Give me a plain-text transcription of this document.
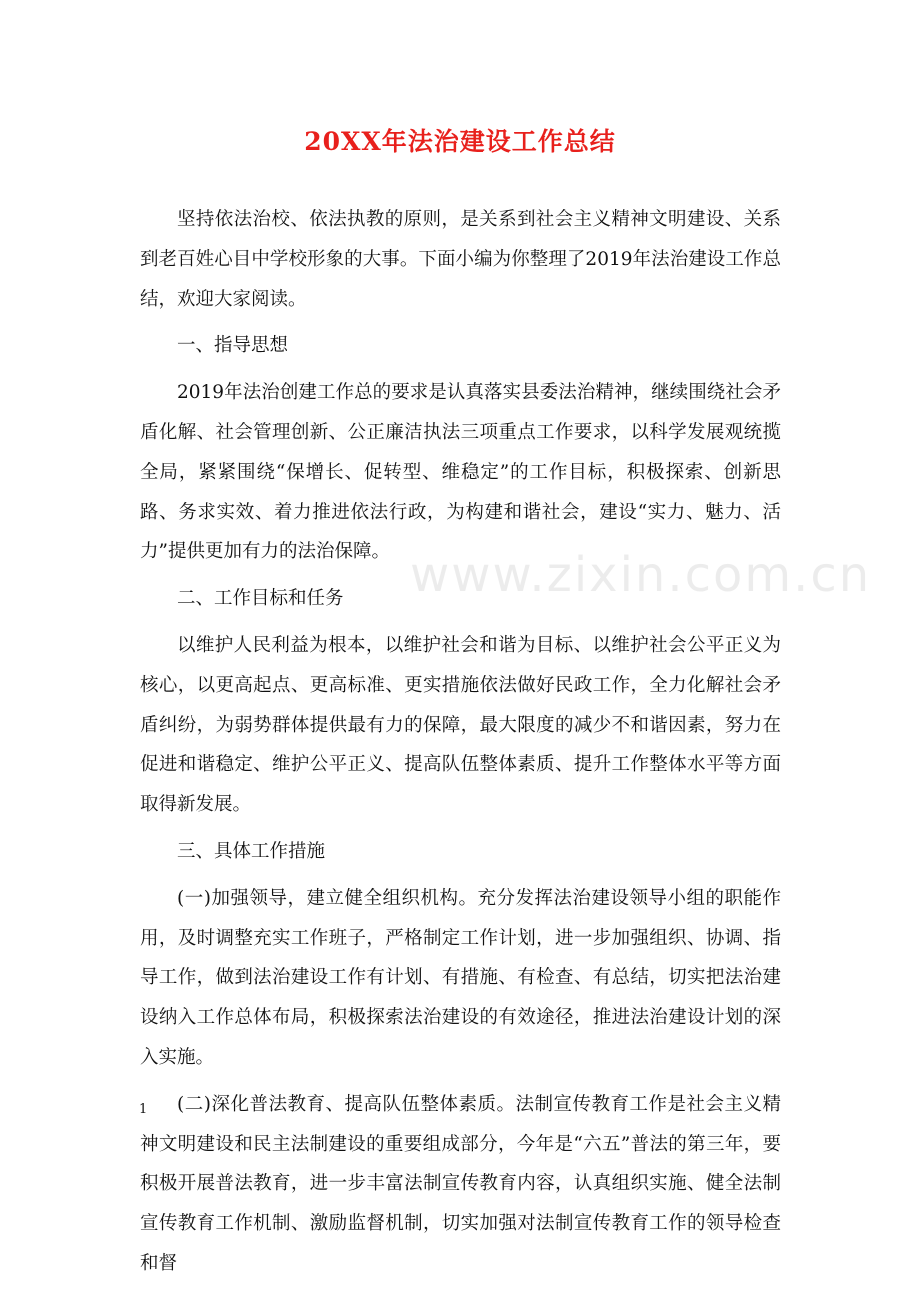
20XX年法治建设工作总结
www.zixin.com.cn

坚持依法治校、依法执教的原则，是关系到社会主义精神文明建设、关系到老百姓心目中学校形象的大事。下面小编为你整理了2019年法治建设工作总结，欢迎大家阅读。

一、指导思想

2019年法治创建工作总的要求是认真落实县委法治精神，继续围绕社会矛盾化解、社会管理创新、公正廉洁执法三项重点工作要求，以科学发展观统揽全局，紧紧围绕“保增长、促转型、维稳定”的工作目标，积极探索、创新思路、务求实效、着力推进依法行政，为构建和谐社会，建设“实力、魅力、活力”提供更加有力的法治保障。

二、工作目标和任务

以维护人民利益为根本，以维护社会和谐为目标、以维护社会公平正义为核心，以更高起点、更高标准、更实措施依法做好民政工作，全力化解社会矛盾纠纷，为弱势群体提供最有力的保障，最大限度的减少不和谐因素，努力在促进和谐稳定、维护公平正义、提高队伍整体素质、提升工作整体水平等方面取得新发展。

三、具体工作措施

(一)加强领导，建立健全组织机构。充分发挥法治建设领导小组的职能作用，及时调整充实工作班子，严格制定工作计划，进一步加强组织、协调、指导工作，做到法治建设工作有计划、有措施、有检查、有总结，切实把法治建设纳入工作总体布局，积极探索法治建设的有效途径，推进法治建设计划的深入实施。

(二)深化普法教育、提高队伍整体素质。法制宣传教育工作是社会主义精神文明建设和民主法制建设的重要组成部分，今年是“六五”普法的第三年，要积极开展普法教育，进一步丰富法制宣传教育内容，认真组织实施、健全法制宣传教育工作机制、激励监督机制，切实加强对法制宣传教育工作的领导检查和督

1
